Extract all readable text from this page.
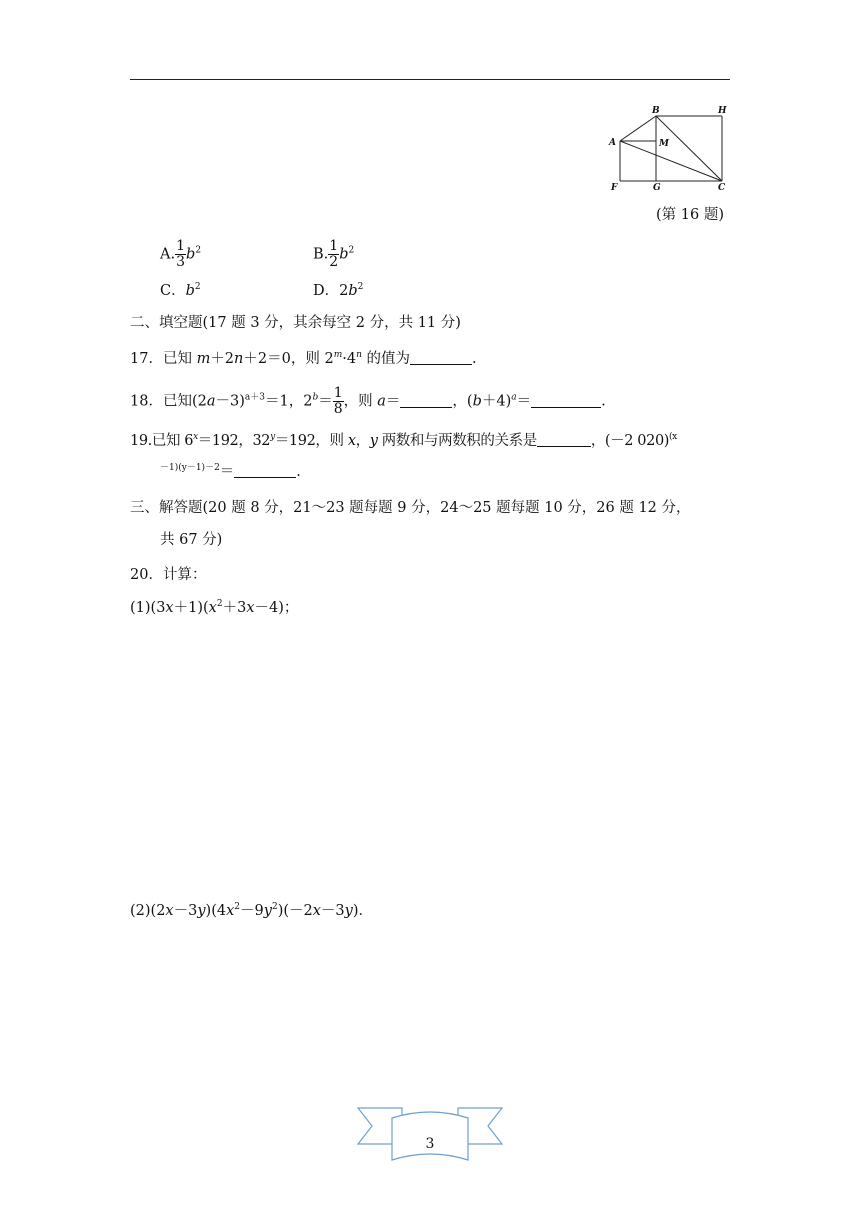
A
B	H
M
F	G	C
(第 16 题)
A. $\frac{1}{3} b^2$	B. $\frac{1}{2} b^2$
C．$b^2$	D．$2b^2$
二、填空题(17 题 3 分，其余每空 2 分，共 11 分)
17．已知 m＋2n＋2＝0，则 $2^m\cdot 4^n$ 的值为	.
18．已知$(2a-3)^{a+3}=1$，$2^b= \frac{1}{8}$ ，则 a＝	，$(b+4)^a=$	.
19.已知 $6^x=192$，$32^y=192$，则 x，y 两数和与两数积的关系是	，(－2 020)$^{(x}$
$^{-1)(y-1)-2}$＝	.
三、解答题(20 题 8 分，21～23 题每题 9 分，24～25 题每题 10 分，26 题 12 分，
共 67 分)
20．计算：
$(1)(3x+1)(x^2+3x-4)$；
$(2)(2x-3y)(4x^2-9y^2)(-2x-3y)$．
3
